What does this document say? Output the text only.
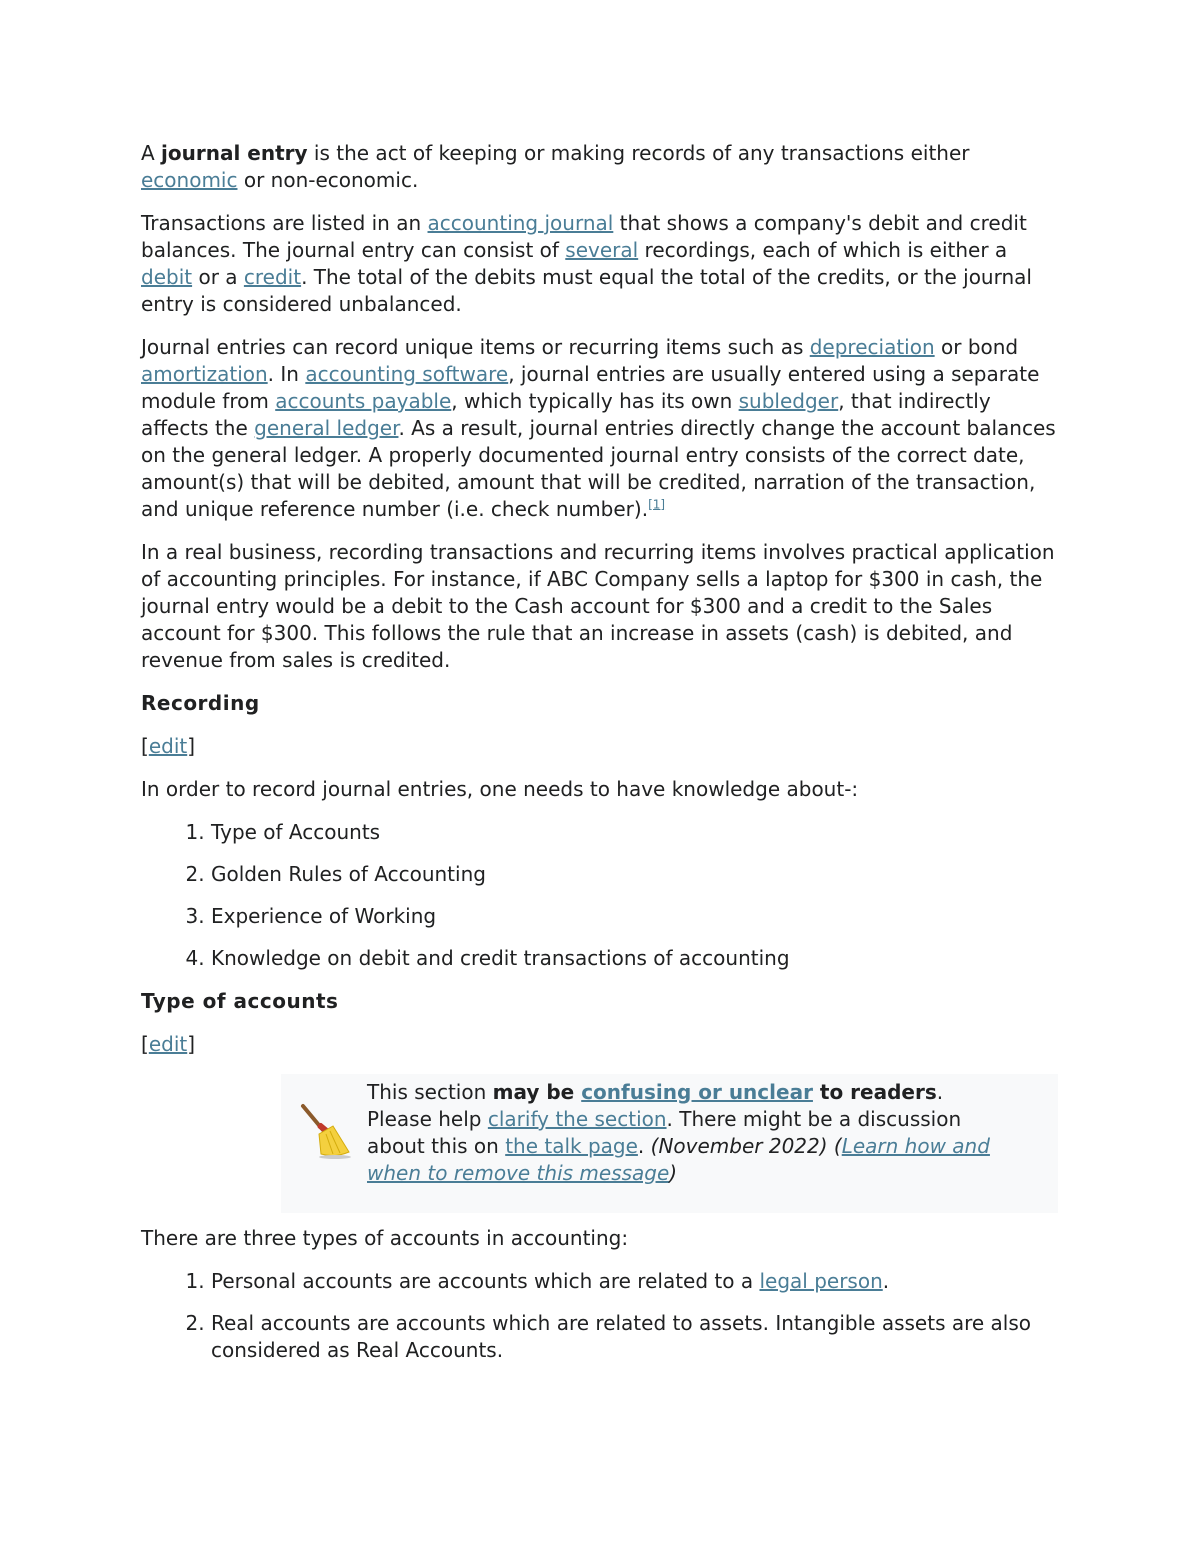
A journal entry is the act of keeping or making records of any transactions either economic or non-economic.

Transactions are listed in an accounting journal that shows a company's debit and credit balances. The journal entry can consist of several recordings, each of which is either a debit or a credit. The total of the debits must equal the total of the credits, or the journal entry is considered unbalanced.

Journal entries can record unique items or recurring items such as depreciation or bond amortization. In accounting software, journal entries are usually entered using a separate module from accounts payable, which typically has its own subledger, that indirectly affects the general ledger. As a result, journal entries directly change the account balances on the general ledger. A properly documented journal entry consists of the correct date, amount(s) that will be debited, amount that will be credited, narration of the transaction, and unique reference number (i.e. check number).[1]

In a real business, recording transactions and recurring items involves practical application of accounting principles. For instance, if ABC Company sells a laptop for $300 in cash, the journal entry would be a debit to the Cash account for $300 and a credit to the Sales account for $300. This follows the rule that an increase in assets (cash) is debited, and revenue from sales is credited.

Recording
[edit]

In order to record journal entries, one needs to have knowledge about-:

1. Type of Accounts
2. Golden Rules of Accounting
3. Experience of Working
4. Knowledge on debit and credit transactions of accounting
Type of accounts
[edit]
This section may be confusing or unclear to readers. Please help clarify the section. There might be a discussion about this on the talk page. (November 2022) (Learn how and when to remove this message)

There are three types of accounts in accounting:

1. Personal accounts are accounts which are related to a legal person.
2. Real accounts are accounts which are related to assets. Intangible assets are also considered as Real Accounts.
